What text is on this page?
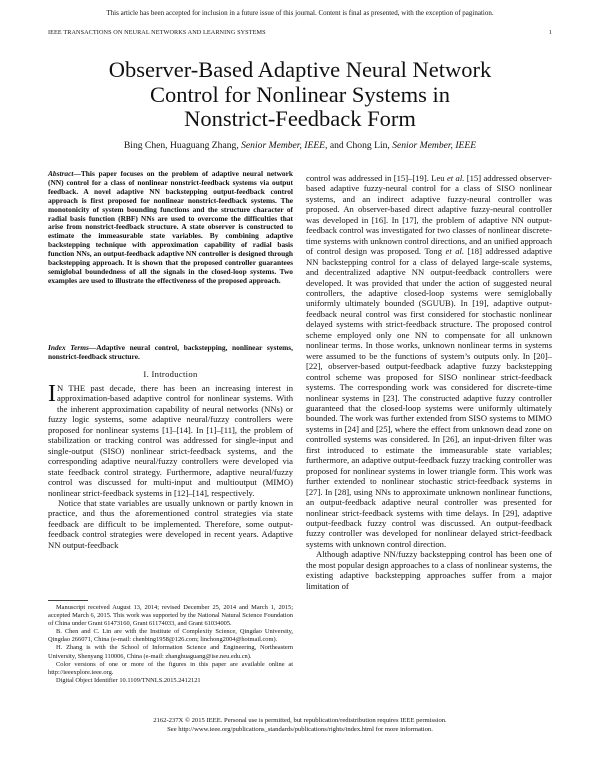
This article has been accepted for inclusion in a future issue of this journal. Content is final as presented, with the exception of pagination.
IEEE TRANSACTIONS ON NEURAL NETWORKS AND LEARNING SYSTEMS	1
Observer-Based Adaptive Neural Network
Control for Nonlinear Systems in
Nonstrict-Feedback Form
Bing Chen, Huaguang Zhang, Senior Member, IEEE, and Chong Lin, Senior Member, IEEE
Abstract—This paper focuses on the problem of adaptive neural network (NN) control for a class of nonlinear nonstrict-feedback systems via output feedback. A novel adaptive NN backstepping output-feedback control approach is first proposed for nonlinear nonstrict-feedback systems. The monotonicity of system bounding functions and the structure character of radial basis function (RBF) NNs are used to overcome the difficulties that arise from nonstrict-feedback structure. A state observer is constructed to estimate the immeasurable state variables. By combining adaptive backstepping technique with approximation capability of radial basis function NNs, an output-feedback adaptive NN controller is designed through backstepping approach. It is shown that the proposed controller guarantees semiglobal boundedness of all the signals in the closed-loop systems. Two examples are used to illustrate the effectiveness of the proposed approach.
Index Terms—Adaptive neural control, backstepping, nonlinear systems, nonstrict-feedback structure.
I. Introduction

I N THE past decade, there has been an increasing interest in approximation-based adaptive control for nonlinear systems. With the inherent approximation capability of neural networks (NNs) or fuzzy logic systems, some adaptive neural/fuzzy controllers were proposed for nonlinear systems [1]–[14]. In [1]–[11], the problem of stabilization or tracking control was addressed for single-input and single-output (SISO) nonlinear strict-feedback systems, and the corresponding adaptive neural/fuzzy controllers were developed via state feedback control strategy. Furthermore, adaptive neural/fuzzy control was discussed for multi-input and multioutput (MIMO) nonlinear strict-feedback systems in [12]–[14], respectively.

Notice that state variables are usually unknown or partly known in practice, and thus the aforementioned control strategies via state feedback are difficult to be implemented. Therefore, some output-feedback control strategies were developed in recent years. Adaptive NN output-feedback

Manuscript received August 13, 2014; revised December 25, 2014 and March 1, 2015; accepted March 6, 2015. This work was supported by the National Natural Science Foundation of China under Grant 61473160, Grant 61174033, and Grant 61034005.

B. Chen and C. Lin are with the Institute of Complexity Science, Qingdao University, Qingdao 266071, China (e-mail: chenbing1958@126.com; linchong2004@hotmail.com).

H. Zhang is with the School of Information Science and Engineering, Northeastern University, Shenyang 110006, China (e-mail: zhanghuaguang@ise.neu.edu.cn).

Color versions of one or more of the figures in this paper are available online at http://ieeexplore.ieee.org.

Digital Object Identifier 10.1109/TNNLS.2015.2412121

control was addressed in [15]–[19]. Leu et al. [15] addressed observer-based adaptive fuzzy-neural control for a class of SISO nonlinear systems, and an indirect adaptive fuzzy-neural controller was proposed. An observer-based direct adaptive fuzzy-neural controller was developed in [16]. In [17], the problem of adaptive NN output-feedback control was investigated for two classes of nonlinear discrete-time systems with unknown control directions, and an unified approach of control design was proposed. Tong et al. [18] addressed adaptive NN backstepping control for a class of delayed large-scale systems, and decentralized adaptive NN output-feedback controllers were developed. It was provided that under the action of suggested neural controllers, the adaptive closed-loop systems were semiglobally uniformly ultimately bounded (SGUUB). In [19], adaptive output-feedback neural control was first considered for stochastic nonlinear delayed systems with strict-feedback structure. The proposed control scheme employed only one NN to compensate for all unknown nonlinear terms. In those works, unknown nonlinear terms in systems were assumed to be the functions of system’s outputs only. In [20]–[22], observer-based output-feedback adaptive fuzzy backstepping control scheme was proposed for SISO nonlinear strict-feedback systems. The corresponding work was considered for discrete-time nonlinear systems in [23]. The constructed adaptive fuzzy controller guaranteed that the closed-loop systems were uniformly ultimately bounded. The work was further extended from SISO systems to MIMO systems in [24] and [25], where the effect from unknown dead zone on controlled systems was considered. In [26], an input-driven filter was first introduced to estimate the immeasurable state variables; furthermore, an adaptive output-feedback fuzzy tracking controller was proposed for nonlinear systems in lower triangle form. This work was further extended to nonlinear stochastic strict-feedback systems in [27]. In [28], using NNs to approximate unknown nonlinear functions, an output-feedback adaptive neural controller was presented for nonlinear strict-feedback systems with time delays. In [29], adaptive output-feedback fuzzy control was discussed. An output-feedback fuzzy controller was developed for nonlinear delayed strict-feedback systems with unknown control direction.

Although adaptive NN/fuzzy backstepping control has been one of the most popular design approaches to a class of nonlinear systems, the existing adaptive backstepping approaches suffer from a major limitation of

2162-237X © 2015 IEEE. Personal use is permitted, but republication/redistribution requires IEEE permission.
See http://www.ieee.org/publications_standards/publications/rights/index.html for more information.
